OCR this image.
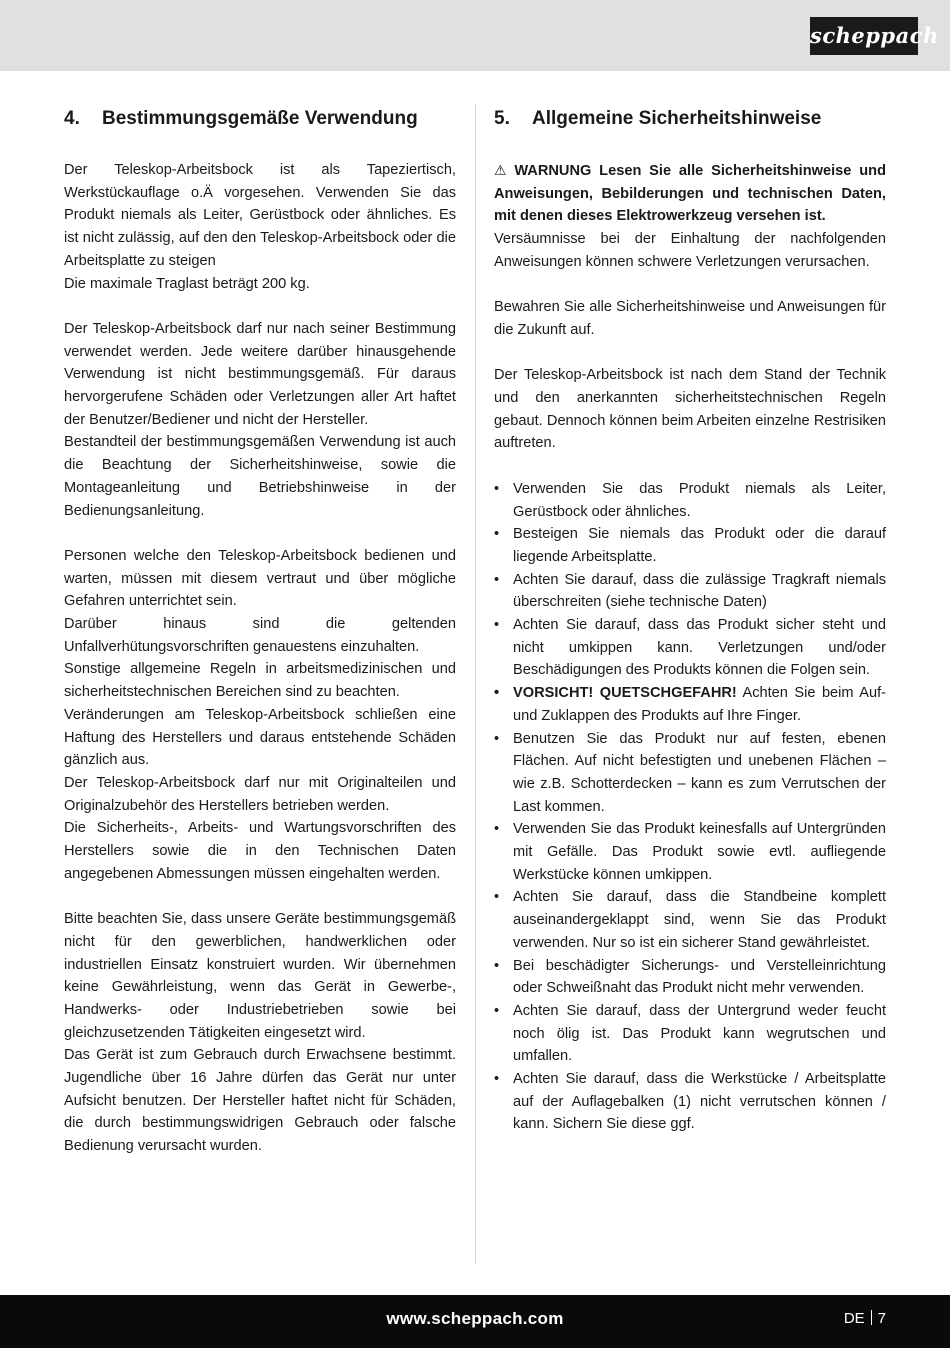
scheppach
4. Bestimmungsgemäße Verwendung

Der Teleskop-Arbeitsbock ist als Tapeziertisch, Werkstückauflage o.Ä vorgesehen. Verwenden Sie das Produkt niemals als Leiter, Gerüstbock oder ähnliches. Es ist nicht zulässig, auf den den Teleskop-Arbeitsbock oder die Arbeitsplatte zu steigen

Die maximale Traglast beträgt 200 kg.

Der Teleskop-Arbeitsbock darf nur nach seiner Bestimmung verwendet werden. Jede weitere darüber hinausgehende Verwendung ist nicht bestimmungsgemäß. Für daraus hervorgerufene Schäden oder Verletzungen aller Art haftet der Benutzer/Bediener und nicht der Hersteller.

Bestandteil der bestimmungsgemäßen Verwendung ist auch die Beachtung der Sicherheitshinweise, sowie die Montageanleitung und Betriebshinweise in der Bedienungsanleitung.

Personen welche den Teleskop-Arbeitsbock bedienen und warten, müssen mit diesem vertraut und über mögliche Gefahren unterrichtet sein.

Darüber hinaus sind die geltenden Unfallverhütungsvorschriften genauestens einzuhalten.

Sonstige allgemeine Regeln in arbeitsmedizinischen und sicherheitstechnischen Bereichen sind zu beachten.

Veränderungen am Teleskop-Arbeitsbock schließen eine Haftung des Herstellers und daraus entstehende Schäden gänzlich aus.

Der Teleskop-Arbeitsbock darf nur mit Originalteilen und Originalzubehör des Herstellers betrieben werden.

Die Sicherheits-, Arbeits- und Wartungsvorschriften des Herstellers sowie die in den Technischen Daten angegebenen Abmessungen müssen eingehalten werden.

Bitte beachten Sie, dass unsere Geräte bestimmungsgemäß nicht für den gewerblichen, handwerklichen oder industriellen Einsatz konstruiert wurden. Wir übernehmen keine Gewährleistung, wenn das Gerät in Gewerbe-, Handwerks- oder Industriebetrieben sowie bei gleichzusetzenden Tätigkeiten eingesetzt wird.

Das Gerät ist zum Gebrauch durch Erwachsene bestimmt. Jugendliche über 16 Jahre dürfen das Gerät nur unter Aufsicht benutzen. Der Hersteller haftet nicht für Schäden, die durch bestimmungswidrigen Gebrauch oder falsche Bedienung verursacht wurden.

5. Allgemeine Sicherheitshinweise

⚠ WARNUNG Lesen Sie alle Sicherheitshinweise und Anweisungen, Bebilderungen und technischen Daten, mit denen dieses Elektrowerkzeug versehen ist.

Versäumnisse bei der Einhaltung der nachfolgenden Anweisungen können schwere Verletzungen verursachen.

Bewahren Sie alle Sicherheitshinweise und Anweisungen für die Zukunft auf.

Der Teleskop-Arbeitsbock ist nach dem Stand der Technik und den anerkannten sicherheitstechnischen Regeln gebaut. Dennoch können beim Arbeiten einzelne Restrisiken auftreten.

• Verwenden Sie das Produkt niemals als Leiter, Gerüstbock oder ähnliches.
• Besteigen Sie niemals das Produkt oder die darauf liegende Arbeitsplatte.
• Achten Sie darauf, dass die zulässige Tragkraft niemals überschreiten (siehe technische Daten)
• Achten Sie darauf, dass das Produkt sicher steht und nicht umkippen kann. Verletzungen und/oder Beschädigungen des Produkts können die Folgen sein.
• VORSICHT! QUETSCHGEFAHR! Achten Sie beim Auf- und Zuklappen des Produkts auf Ihre Finger.
• Benutzen Sie das Produkt nur auf festen, ebenen Flächen. Auf nicht befestigten und unebenen Flächen – wie z.B. Schotterdecken – kann es zum Verrutschen der Last kommen.
• Verwenden Sie das Produkt keinesfalls auf Untergründen mit Gefälle. Das Produkt sowie evtl. aufliegende Werkstücke können umkippen.
• Achten Sie darauf, dass die Standbeine komplett auseinandergeklappt sind, wenn Sie das Produkt verwenden. Nur so ist ein sicherer Stand gewährleistet.
• Bei beschädigter Sicherungs- und Verstelleinrichtung oder Schweißnaht das Produkt nicht mehr verwenden.
• Achten Sie darauf, dass der Untergrund weder feucht noch ölig ist. Das Produkt kann wegrutschen und umfallen.
• Achten Sie darauf, dass die Werkstücke / Arbeitsplatte auf der Auflagebalken (1) nicht verrutschen können / kann. Sichern Sie diese ggf.
www.scheppach.com	DE 7
